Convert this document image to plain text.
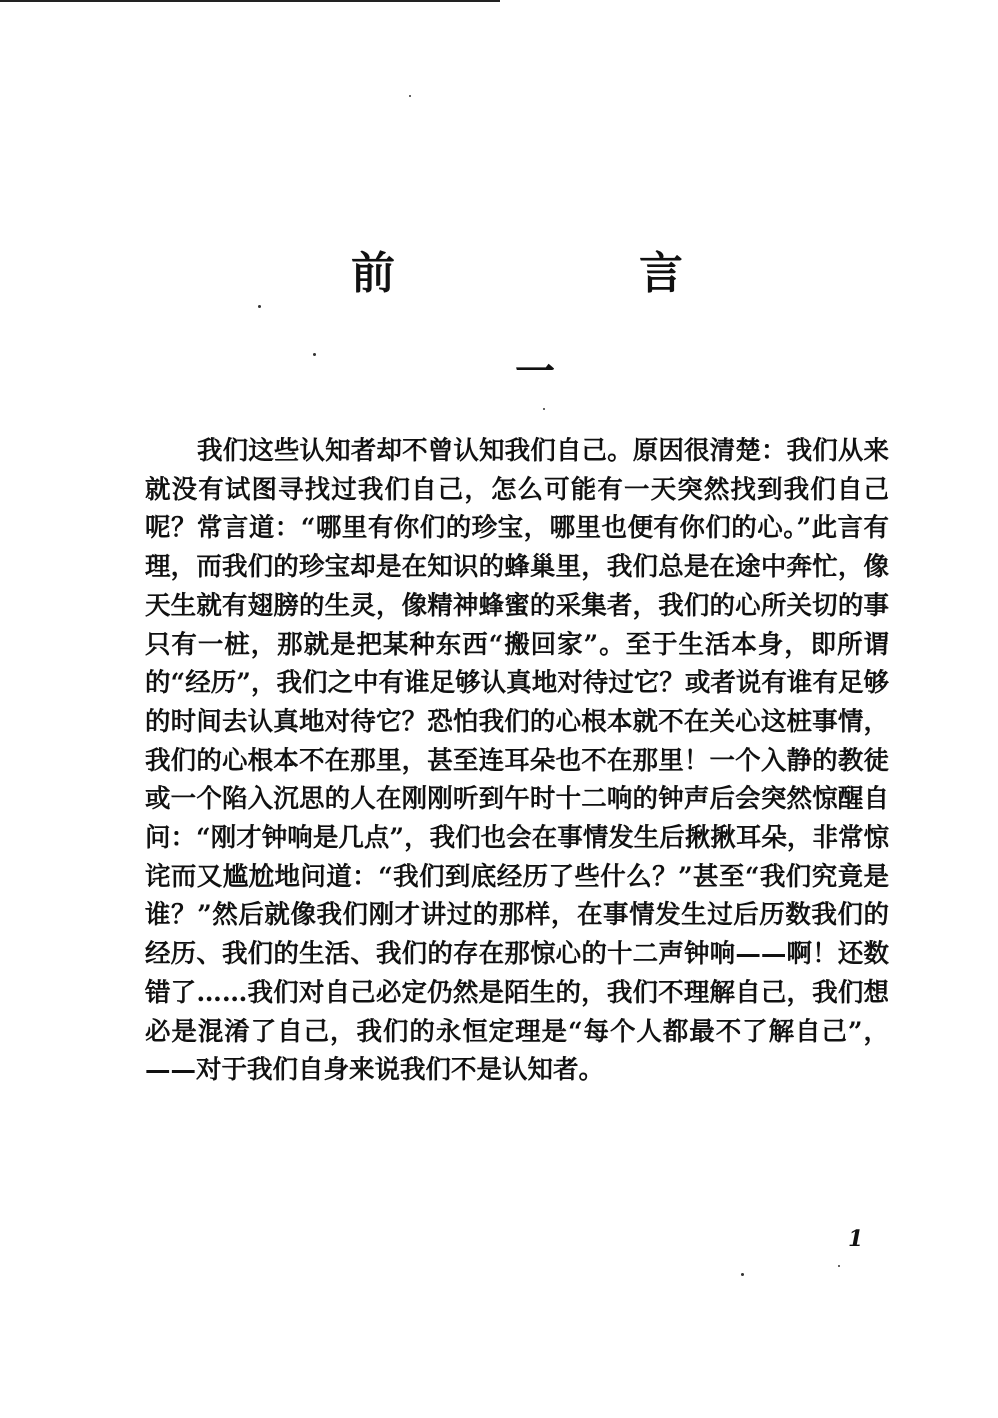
前　言
一

我们这些认知者却不曾认知我们自己。原因很清楚：我们从来就没有试图寻找过我们自己，怎么可能有一天突然找到我们自己呢？常言道：“哪里有你们的珍宝，哪里也便有你们的心。”此言有理，而我们的珍宝却是在知识的蜂巢里，我们总是在途中奔忙，像天生就有翅膀的生灵，像精神蜂蜜的采集者，我们的心所关切的事只有一桩，那就是把某种东西“搬回家”。至于生活本身，即所谓的“经历”，我们之中有谁足够认真地对待过它？或者说有谁有足够的时间去认真地对待它？恐怕我们的心根本就不在关心这桩事情，我们的心根本不在那里，甚至连耳朵也不在那里！一个入静的教徒或一个陷入沉思的人在刚刚听到午时十二响的钟声后会突然惊醒自问：“刚才钟响是几点”，我们也会在事情发生后揪揪耳朵，非常惊诧而又尴尬地问道：“我们到底经历了些什么？”甚至“我们究竟是谁？”然后就像我们刚才讲过的那样，在事情发生过后历数我们的经历、我们的生活、我们的存在那惊心的十二声钟响——啊！还数错了……我们对自己必定仍然是陌生的，我们不理解自己，我们想必是混淆了自己，我们的永恒定理是“每个人都最不了解自己”，——对于我们自身来说我们不是认知者。

1
